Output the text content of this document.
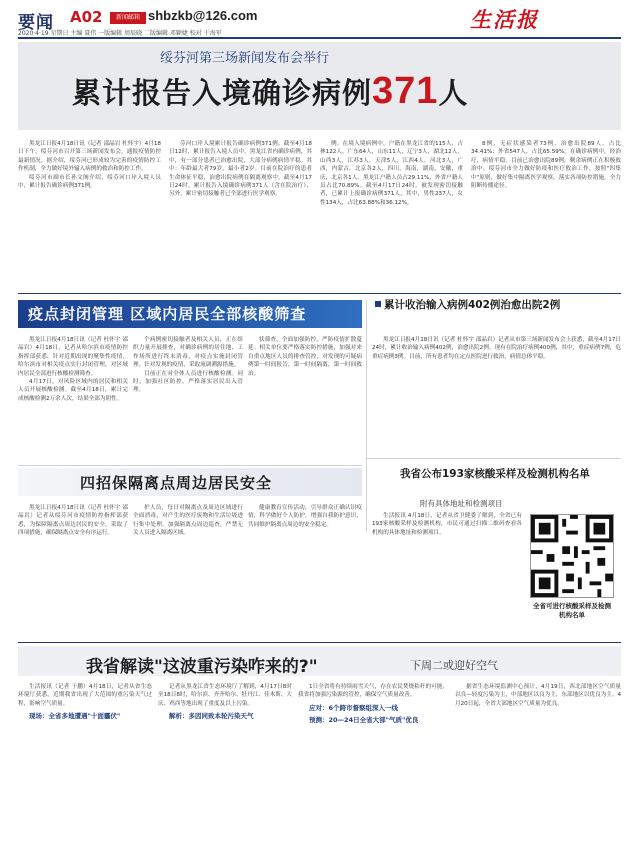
要闻 A02	新闻邮箱 shbzkb@126.com	生活报
2020·4·19 星期日 主编 聂伟 一版编辑 周辰晓 二版编辑 邓颖婕 校对 于海军
绥芬河第三场新闻发布会举行
累计报告入境确诊病例371人
黑龙江日报4月18日讯（记者 邵晶岩 杜怀宇）4月18日下午，绥芬河市召开第三场新闻发布会，通报疫情防控最新情况。据介绍，绥芬河已形成较为完善的疫情防控工作机制，全力做好境外输入病例的救治和防控工作。
绥芬河市副市长孙文阁介绍，绥芬河口岸入境人员中，累计报告确诊病例371例。
芬河口岸入境累计报告确诊病例371例。截至4月18日12时，累计报告入境人员中，黑龙江省内确诊病例，其中，有一部分患者已治愈出院，大部分病例病情平稳。其中：年龄最大者79岁，最小者2岁。目前在院治疗的患者生命体征平稳，治愈出院病例在隔离观察中。截至4月17日24时，累计报告入境确诊病例371人（含在院治疗），另外，累计密切接触者已全部进行医学观察。
例。在境入境病例中，户籍在黑龙江省的115人，吉林122人，广东64人，山东11人，辽宁3人，湖北12人，山西3人，江苏3人，天津5人，江西4人，河北3人，广西，内蒙古，北京各2人，四川，海南，湖南，安徽，重庆，北京各1人。黑龙江户籍人员占29.11%，外省户籍人员占比70.89%。截至4月17日24时，被发现密切接触者，已累计上报确诊病例371人，其中，男性237人，女性134人，占比63.88%和36.12%。
8例，无症状感染者73例，治愈出院89人。占比34.41%；外省547人，占比65.59%。在确诊病例中，经治疗，病情平稳，目前已治愈出院89例，剩余病例正在积极救治中。绥芬河市全力做好防疫和医疗救治工作，按照"四集中"原则，做好集中隔离医学观察，落实各项防控措施，全力阻断传播途径。
疫点封闭管理 区域内居民全部核酸筛查
黑龙江日报4月18日讯（记者 杜怀宇 邵晶岩）4月18日，记者从哈尔滨市疫情防控指挥部获悉，针对近期出现的聚集性疫情，哈尔滨市对相关疫点实行封闭管理，对区域内居民全部进行核酸检测筛查。
4月17日，对风险区域内的居民和相关人员开展核酸检测。截至4月18日，累计完成核酸检测2万余人次，结果全部为阴性。
个病例密切接触者及相关人员，正在组织力量开展排查，对确诊病例的居住地、工作场所进行终末消毒，对疫点实施封闭管理。针对发现的疫情，采取流调溯源措施。
目前正在对全体人员进行核酸检测。同时，加强社区防控，严格落实居民出入管理。
状筛查，全面加强防控，严防疫情扩散蔓延。相关单位要严格落实防控措施，加强对来自重点地区人员的排查管控，对发现的可疑病例第一时间报告，第一时间隔离，第一时间救治。
累计收治输入病例402例治愈出院2例
黑龙江日报4月18日讯（记者 杜怀宇 邵晶岩）记者从市第三场新闻发布会上获悉，截至4月17日24时，累计收治输入病例402例，治愈出院2例。现有在院治疗病例400例，其中，重症病例7例，危重症病例3例。目前，所有患者均在定点医院进行救治，病情总体平稳。
四招保隔离点周边居民安全
黑龙江日报4月18日讯（记者 杜怀宇 邵晶岩）记者从绥芬河市疫情防控指挥部获悉，为保障隔离点周边居民的安全，采取了四项措施，确保隔离点安全有序运行。
护人员，每日对隔离点及周边区域进行全面消毒，对产生的医疗废物和生活垃圾进行集中处理。加强隔离点周边巡查，严禁无关人员进入隔离区域。
健康教育宣传活动，引导群众正确认识疫情，科学做好个人防护，增强自我防护意识，共同维护隔离点周边的安全稳定。
我省公布193家核酸采样及检测机构名单
附有具体地址和检测项目
生活报讯 4月18日，记者从省卫健委了解到，全省已有193家核酸采样及检测机构，市民可通过扫描二维码查看各机构的具体地址和检测项目。
全省可进行核酸采样及检测机构名单
我省解读"这波重污染咋来的?"	下周二或迎好空气
生活报讯（记者 于鹏）4月18日，记者从省生态环境厅获悉，近期我省出现了大范围的重污染天气过程，影响空气质量。
现场：全省多地遭遇"十面霾伏"
记者从黑龙江省生态环境厅了解到，4月17日8时至18日8时，哈尔滨、齐齐哈尔、牡丹江、佳木斯、大庆、鸡西等地出现了重度及以上污染。
解析：多因同致本轮污染天气
1日全省将有持续雨雪天气，存在农民焚烧秸秆的可能，我省将加强污染源的管控，确保空气质量改善。
应对：6个跨市督察组深入一线
预测：20—24日全省大部"气质"优良
据省生态环境监测中心预计，4月19日，西北部地区空气质量以良—轻度污染为主，中部地区以良为主，东部地区以优良为主。4月20日起，全省大部地区空气质量为优良。
